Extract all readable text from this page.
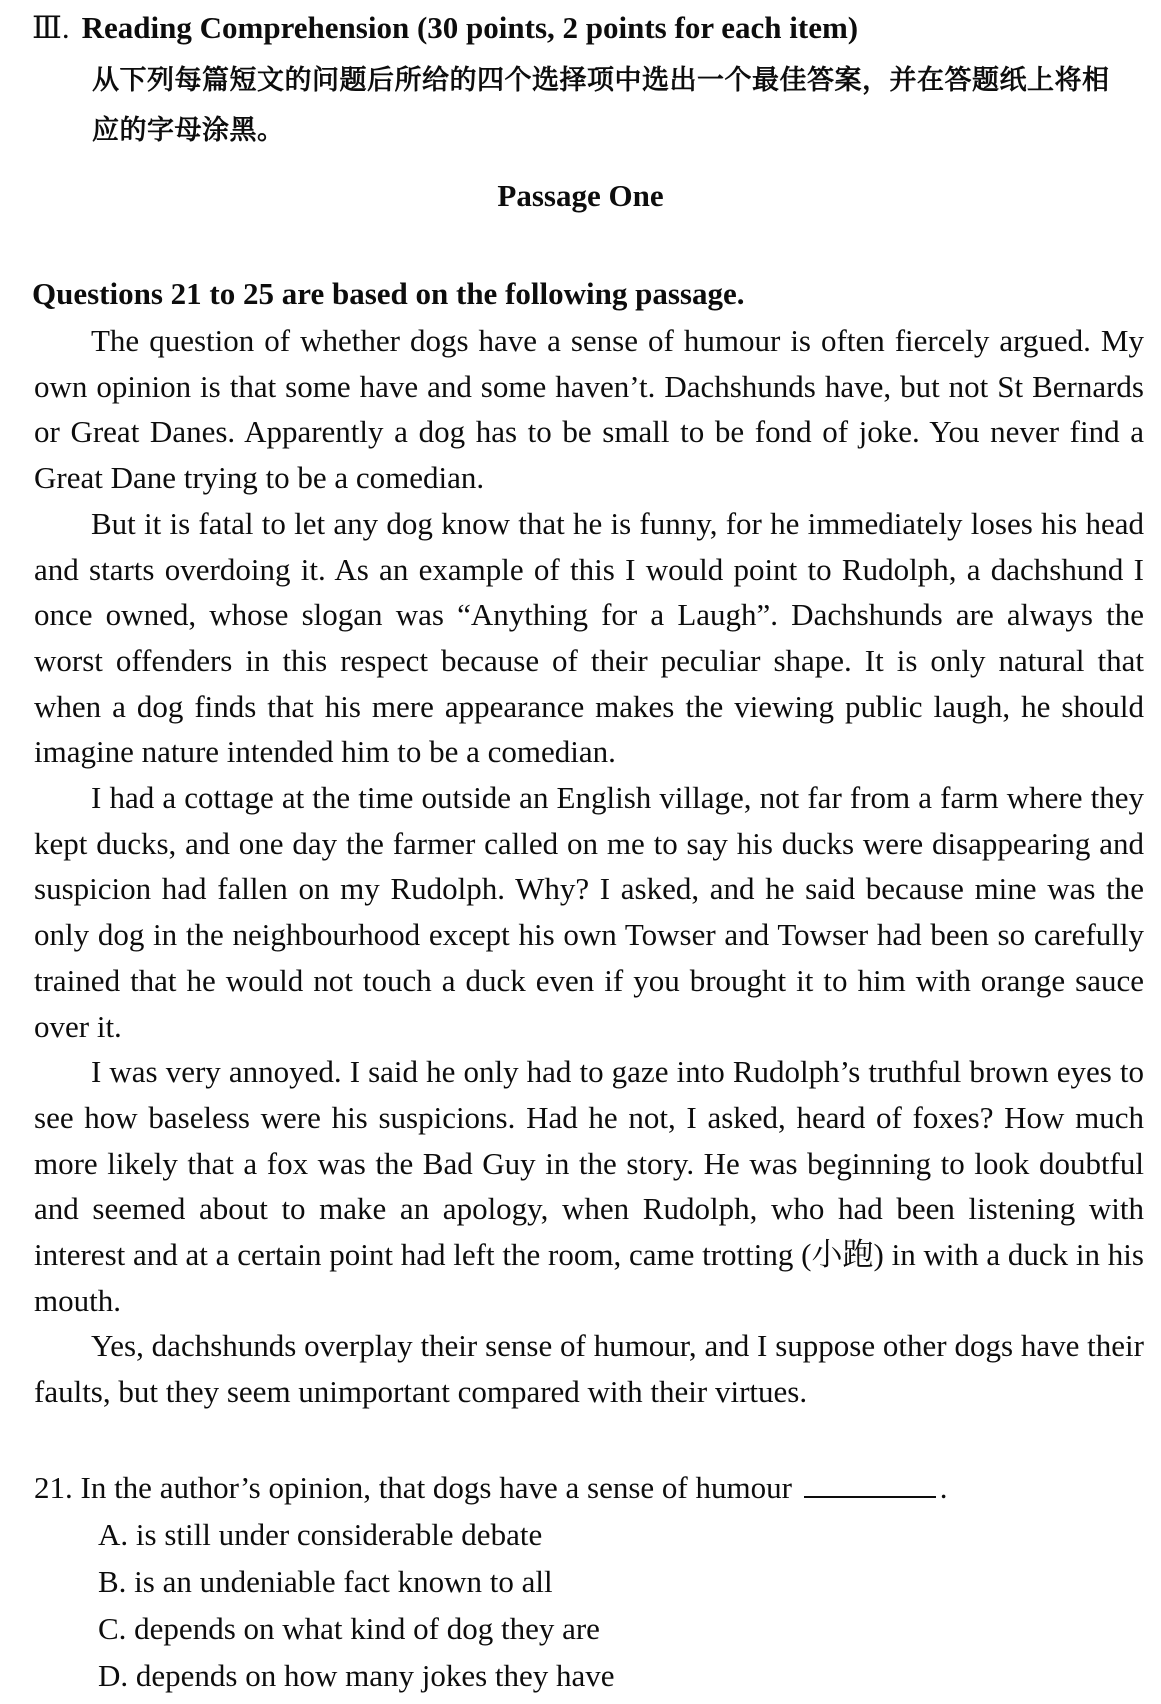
Ⅲ. Reading Comprehension (30 points, 2 points for each item)
从下列每篇短文的问题后所给的四个选择项中选出一个最佳答案，并在答题纸上将相应的字母涂黑。
Passage One
Questions 21 to 25 are based on the following passage.

The question of whether dogs have a sense of humour is often fiercely argued. My own opinion is that some have and some haven’t. Dachshunds have, but not St Bernards or Great Danes. Apparently a dog has to be small to be fond of joke. You never find a Great Dane trying to be a comedian.

But it is fatal to let any dog know that he is funny, for he immediately loses his head and starts overdoing it. As an example of this I would point to Rudolph, a dachshund I once owned, whose slogan was “Anything for a Laugh”. Dachshunds are always the worst offenders in this respect because of their peculiar shape. It is only natural that when a dog finds that his mere appearance makes the viewing public laugh, he should imagine nature intended him to be a comedian.

I had a cottage at the time outside an English village, not far from a farm where they kept ducks, and one day the farmer called on me to say his ducks were disappearing and suspicion had fallen on my Rudolph. Why? I asked, and he said because mine was the only dog in the neighbourhood except his own Towser and Towser had been so carefully trained that he would not touch a duck even if you brought it to him with orange sauce over it.

I was very annoyed. I said he only had to gaze into Rudolph’s truthful brown eyes to see how baseless were his suspicions. Had he not, I asked, heard of foxes? How much more likely that a fox was the Bad Guy in the story. He was beginning to look doubtful and seemed about to make an apology, when Rudolph, who had been listening with interest and at a certain point had left the room, came trotting (小跑) in with a duck in his mouth.

Yes, dachshunds overplay their sense of humour, and I suppose other dogs have their faults, but they seem unimportant compared with their virtues.

21. In the author’s opinion, that dogs have a sense of humour	.
A. is still under considerable debate
B. is an undeniable fact known to all
C. depends on what kind of dog they are
D. depends on how many jokes they have
